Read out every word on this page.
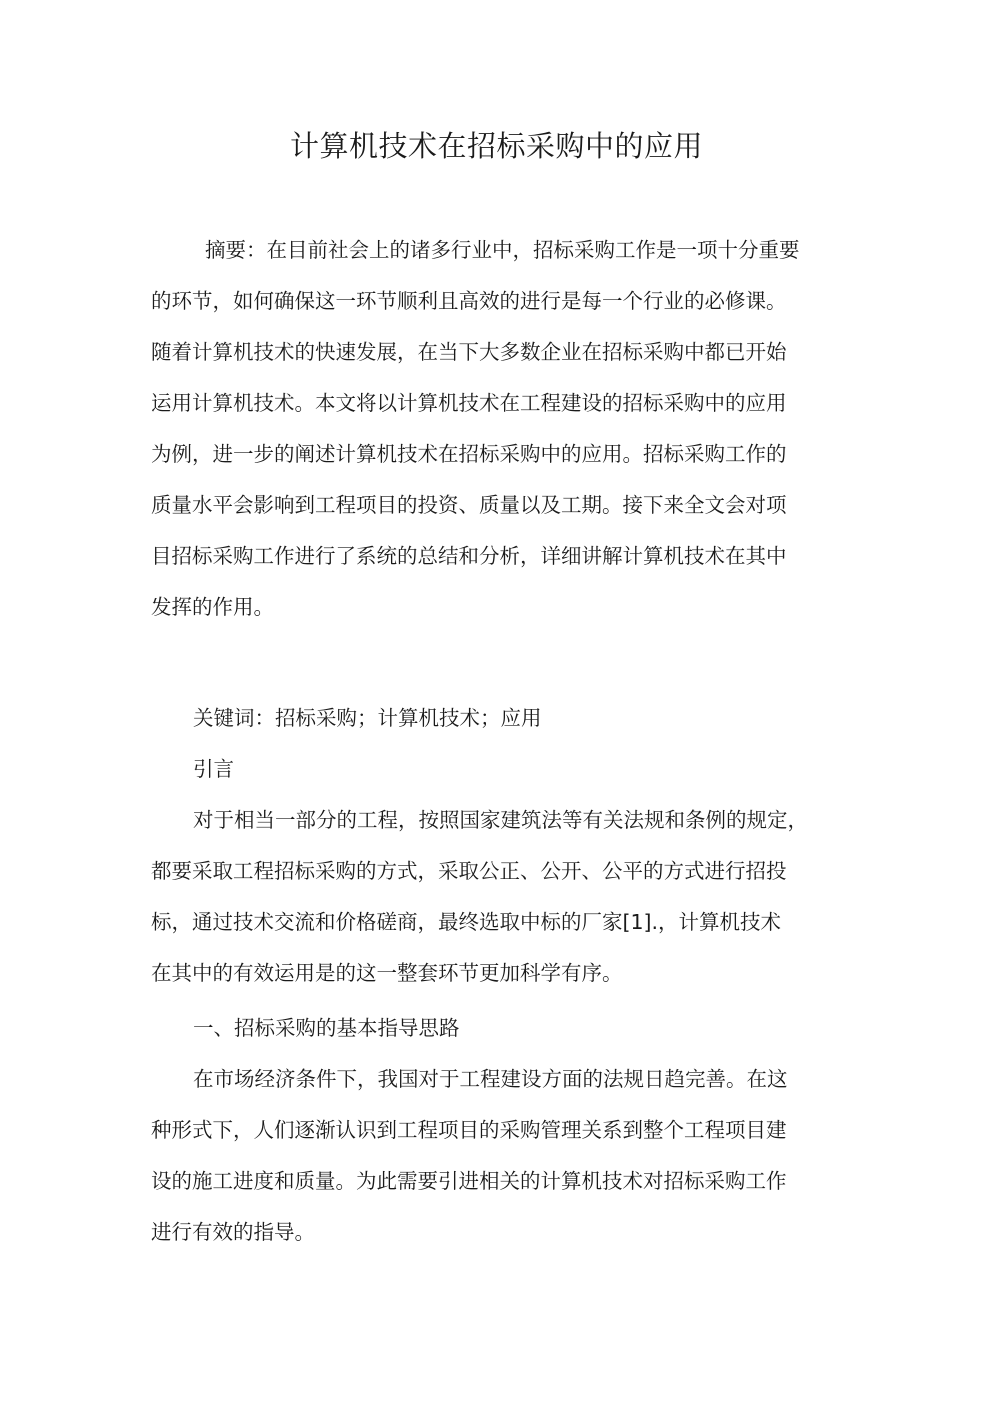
计算机技术在招标采购中的应用

摘要：在目前社会上的诸多行业中，招标采购工作是一项十分重要

的环节，如何确保这一环节顺利且高效的进行是每一个行业的必修课。

随着计算机技术的快速发展，在当下大多数企业在招标采购中都已开始

运用计算机技术。本文将以计算机技术在工程建设的招标采购中的应用

为例，进一步的阐述计算机技术在招标采购中的应用。招标采购工作的

质量水平会影响到工程项目的投资、质量以及工期。接下来全文会对项

目招标采购工作进行了系统的总结和分析，详细讲解计算机技术在其中

发挥的作用。

关键词：招标采购；计算机技术；应用

引言

对于相当一部分的工程，按照国家建筑法等有关法规和条例的规定，

都要采取工程招标采购的方式，采取公正、公开、公平的方式进行招投

标，通过技术交流和价格磋商，最终选取中标的厂家[1].，计算机技术

在其中的有效运用是的这一整套环节更加科学有序。

一、招标采购的基本指导思路

在市场经济条件下，我国对于工程建设方面的法规日趋完善。在这

种形式下，人们逐渐认识到工程项目的采购管理关系到整个工程项目建

设的施工进度和质量。为此需要引进相关的计算机技术对招标采购工作

进行有效的指导。
